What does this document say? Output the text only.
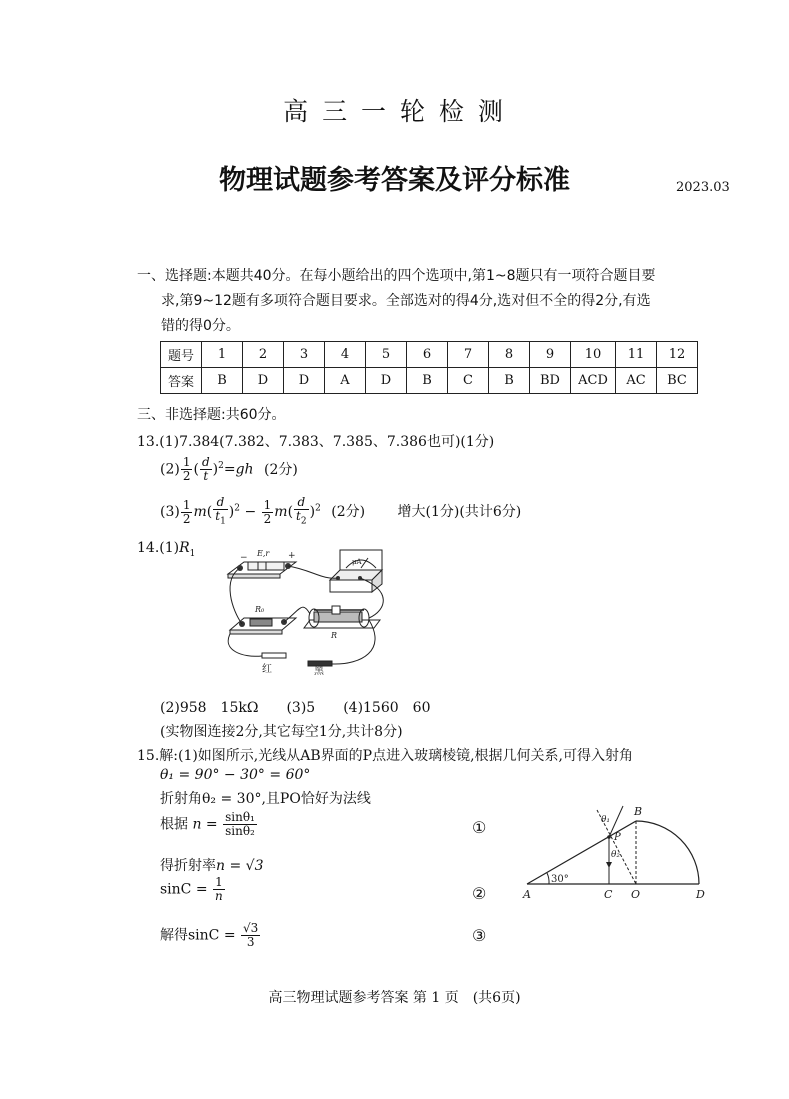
高 三 一 轮 检 测
物理试题参考答案及评分标准	2023.03
一、选择题:本题共40分。在每小题给出的四个选项中,第1~8题只有一项符合题目要
求,第9~12题有多项符合题目要求。全部选对的得4分,选对但不全的得2分,有选
错的得0分。
题号	1	2	3	4	5	6	7	8	9	10	11	12
答案	B	D	D	A	D	B	C	B	BD	ACD	AC	BC
三、非选择题:共60分。
13.(1)7.384(7.382、7.383、7.385、7.386也可)(1分)
$(2) \frac{1}{2}$ ( $\frac{d}{t} )^2=gh$ (2分)
$(3) \frac{1}{2} m( \frac{d}{t_1} )^2 - \frac{1}{2} m( \frac{d}{t_2} )^2$ (2分) 增大(1分)(共计6分)
$14.(1)R_1$	−	+
E,r
μA
R₀
R
红	黑
(2)958　15kΩ　　(3)5　　(4)1560　60
(实物图连接2分,其它每空1分,共计8分)
15.解:(1)如图所示,光线从AB界面的P点进入玻璃棱镜,根据几何关系,可得入射角
θ₁ = 90° − 30° = 60°
折射角θ₂ = 30°,且PO恰好为法线
根据 $n = \frac{\text{sinθ₁}}{\text{sinθ₂}}$	①
得折射率n = √3
$\sin C = \frac{1}{n}$	②
解得$\sin C = \frac{√3}{3}$	③
30°
A
B
C O	D
P
θ₁
θ₂
高三物理试题参考答案 第 1 页　(共6页)
